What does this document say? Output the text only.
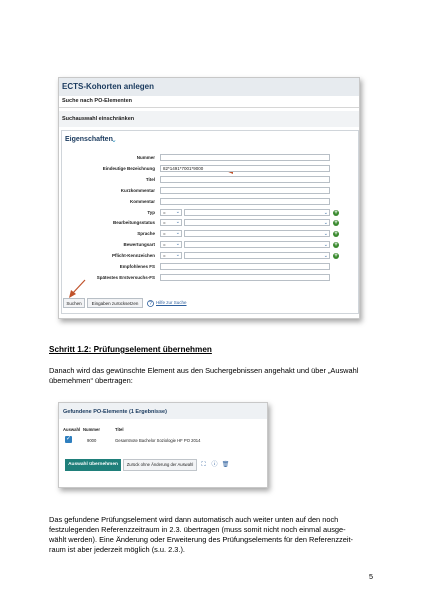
ECTS-Kohorten anlegen
Suche nach PO-Elementen
Suchauswahl einschränken
Eigenschaften
⌄
Suchen	Eingaben zurücksetzen	? Hilfe zur Suche
Nummer
Eindeutige Bezeichnung	82*1491*7001*9000
Titel
Kurzkommentar
Kommentar
Typ	= ⌄	⌄ +
Bearbeitungsstatus	= ⌄	⌄ +
Sprache	= ⌄	⌄ +
Bewertungsart	= ⌄	⌄ +
Pflicht-Kennzeichen	= ⌄	⌄ +
Empfohlenes FS
Spätestes Erstversuchs-FS
Schritt 1.2: Prüfungselement übernehmen
Danach wird das gewünschte Element aus den Suchergebnissen angehakt und über „Auswahl übernehmen“ übertragen:
Gefundene PO-Elemente (1 Ergebnisse)
Auswahl Nummer	Titel
✓	9000	Gesamtnote Bachelor Soziologie HF PO 2014
Auswahl übernehmen	Zurück ohne Änderung der Auswahl	⛶ ⓘ 🗑
Das gefundene Prüfungselement wird dann automatisch auch weiter unten auf den noch
festzulegenden Referenzzeitraum in 2.3. übertragen (muss somit nicht noch einmal ausge-
wählt werden). Eine Änderung oder Erweiterung des Prüfungselements für den Referenzzeit-
raum ist aber jederzeit möglich (s.u. 2.3.).
5
